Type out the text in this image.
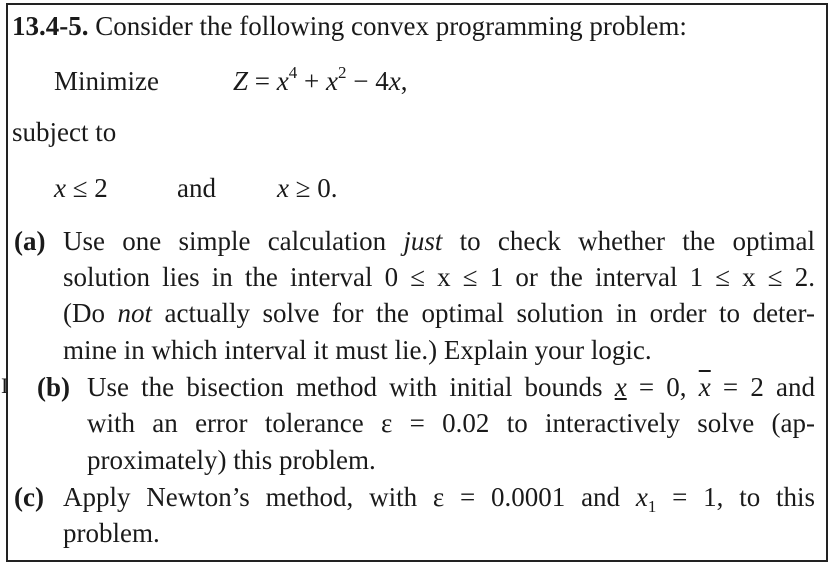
13.4-5. Consider the following convex programming problem:
Minimize	$Z = x^4 + x^2 - 4x$,
subject to
x ≤ 2	and x ≥ 0.
(a) Use one simple calculation just to check whether the optimal
solution lies in the interval 0 ≤ x ≤ 1 or the interval 1 ≤ x ≤ 2.
(Do not actually solve for the optimal solution in order to deter-
mine in which interval it must lie.) Explain your logic.
I (b) Use the bisection method with initial bounds x = 0, $\overline{x} = 2$ and
with an error tolerance ε = 0.02 to interactively solve (ap-
proximately) this problem.
(c) Apply Newton’s method, with ε = 0.0001 and $x_1 = 1$, to this
problem.
